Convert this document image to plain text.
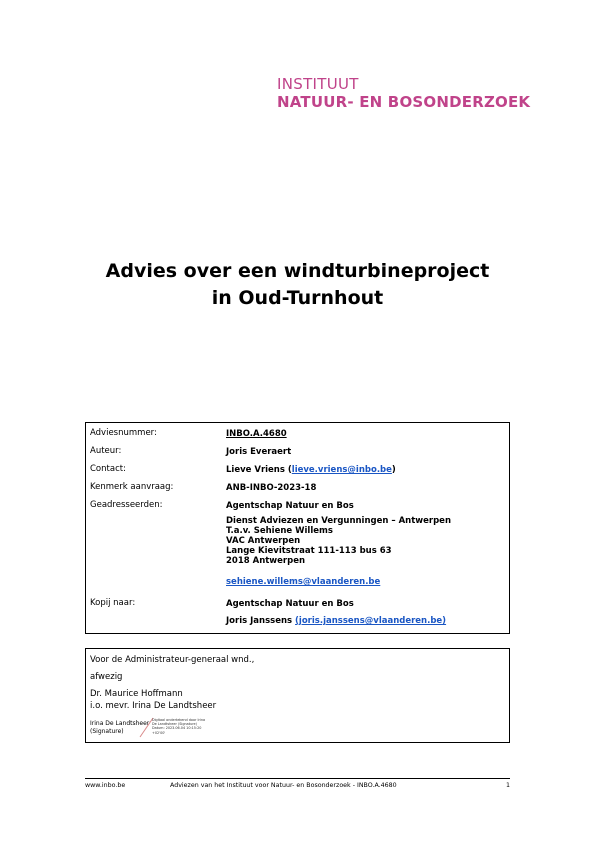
INSTITUUT
NATUUR- EN BOSONDERZOEK
Advies over een windturbineproject
in Oud-Turnhout
Adviesnummer:	INBO.A.4680
Auteur:	Joris Everaert
Contact:	Lieve Vriens (lieve.vriens@inbo.be)
Kenmerk aanvraag:	ANB-INBO-2023-18
Geadresseerden:	Agentschap Natuur en Bos
Dienst Adviezen en Vergunningen – Antwerpen
T.a.v. Sehiene Willems
VAC Antwerpen
Lange Kievitstraat 111-113 bus 63
2018 Antwerpen
sehiene.willems@vlaanderen.be
Kopij naar:	Agentschap Natuur en Bos
Joris Janssens (joris.janssens@vlaanderen.be)
Voor de Administrateur-generaal wnd.,
afwezig
Dr. Maurice Hoffmann
i.o. mevr. Irina De Landtsheer
Irina De Landtsheer
(Signature)
Digitaal ondertekend door Irina
De Landtsheer (Signature)
Datum: 2023.06.04 10:15:20
+02'00'
www.inbo.be	Adviezen van het Instituut voor Natuur- en Bosonderzoek - INBO.A.4680	1
